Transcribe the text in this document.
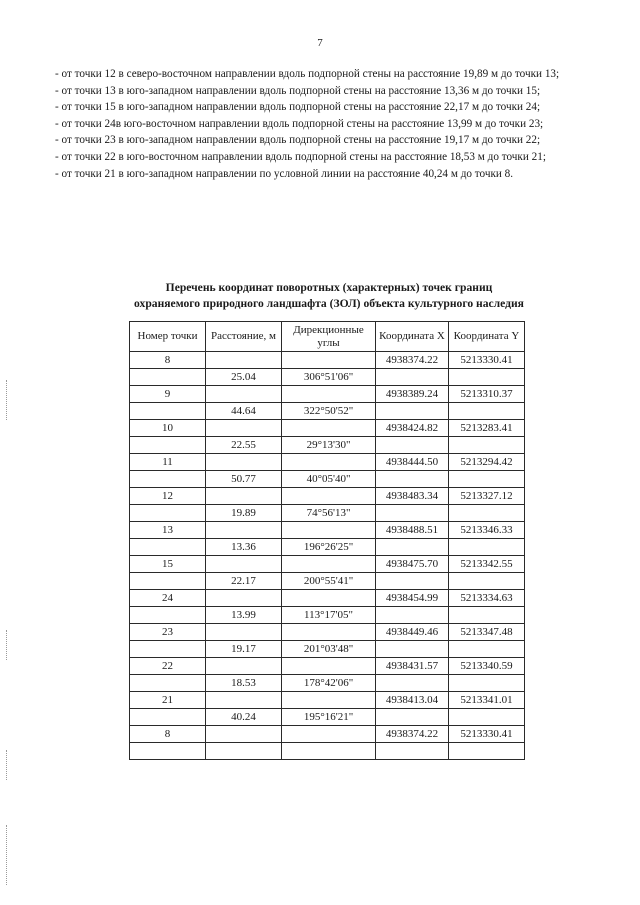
7

- от точки 12 в северо-восточном направлении вдоль подпорной стены на расстояние 19,89 м до точки 13;

- от точки 13 в юго-западном направлении вдоль подпорной стены на расстояние 13,36 м до точки 15;

- от точки 15 в юго-западном направлении вдоль подпорной стены на расстояние 22,17 м до точки 24;

- от точки 24в юго-восточном направлении вдоль подпорной стены на расстояние 13,99 м до точки 23;

- от точки 23 в юго-западном направлении вдоль подпорной стены на расстояние 19,17 м до точки 22;

- от точки 22 в юго-восточном направлении вдоль подпорной стены на расстояние 18,53 м до точки 21;

- от точки 21 в юго-западном направлении по условной линии на расстояние 40,24 м до точки 8.

Перечень координат поворотных (характерных) точек границ
охраняемого природного ландшафта (ЗОЛ) объекта культурного наследия
Номер точки	Расстояние, м	Дирекционные углы	Координата X	Координата Y
8			4938374.22	5213330.41
	25.04	306°51'06"		
9			4938389.24	5213310.37
	44.64	322°50'52"		
10			4938424.82	5213283.41
	22.55	29°13'30"		
11			4938444.50	5213294.42
	50.77	40°05'40"		
12			4938483.34	5213327.12
	19.89	74°56'13"		
13			4938488.51	5213346.33
	13.36	196°26'25"		
15			4938475.70	5213342.55
	22.17	200°55'41"		
24			4938454.99	5213334.63
	13.99	113°17'05"		
23			4938449.46	5213347.48
	19.17	201°03'48"		
22			4938431.57	5213340.59
	18.53	178°42'06"		
21			4938413.04	5213341.01
	40.24	195°16'21"		
8			4938374.22	5213330.41
